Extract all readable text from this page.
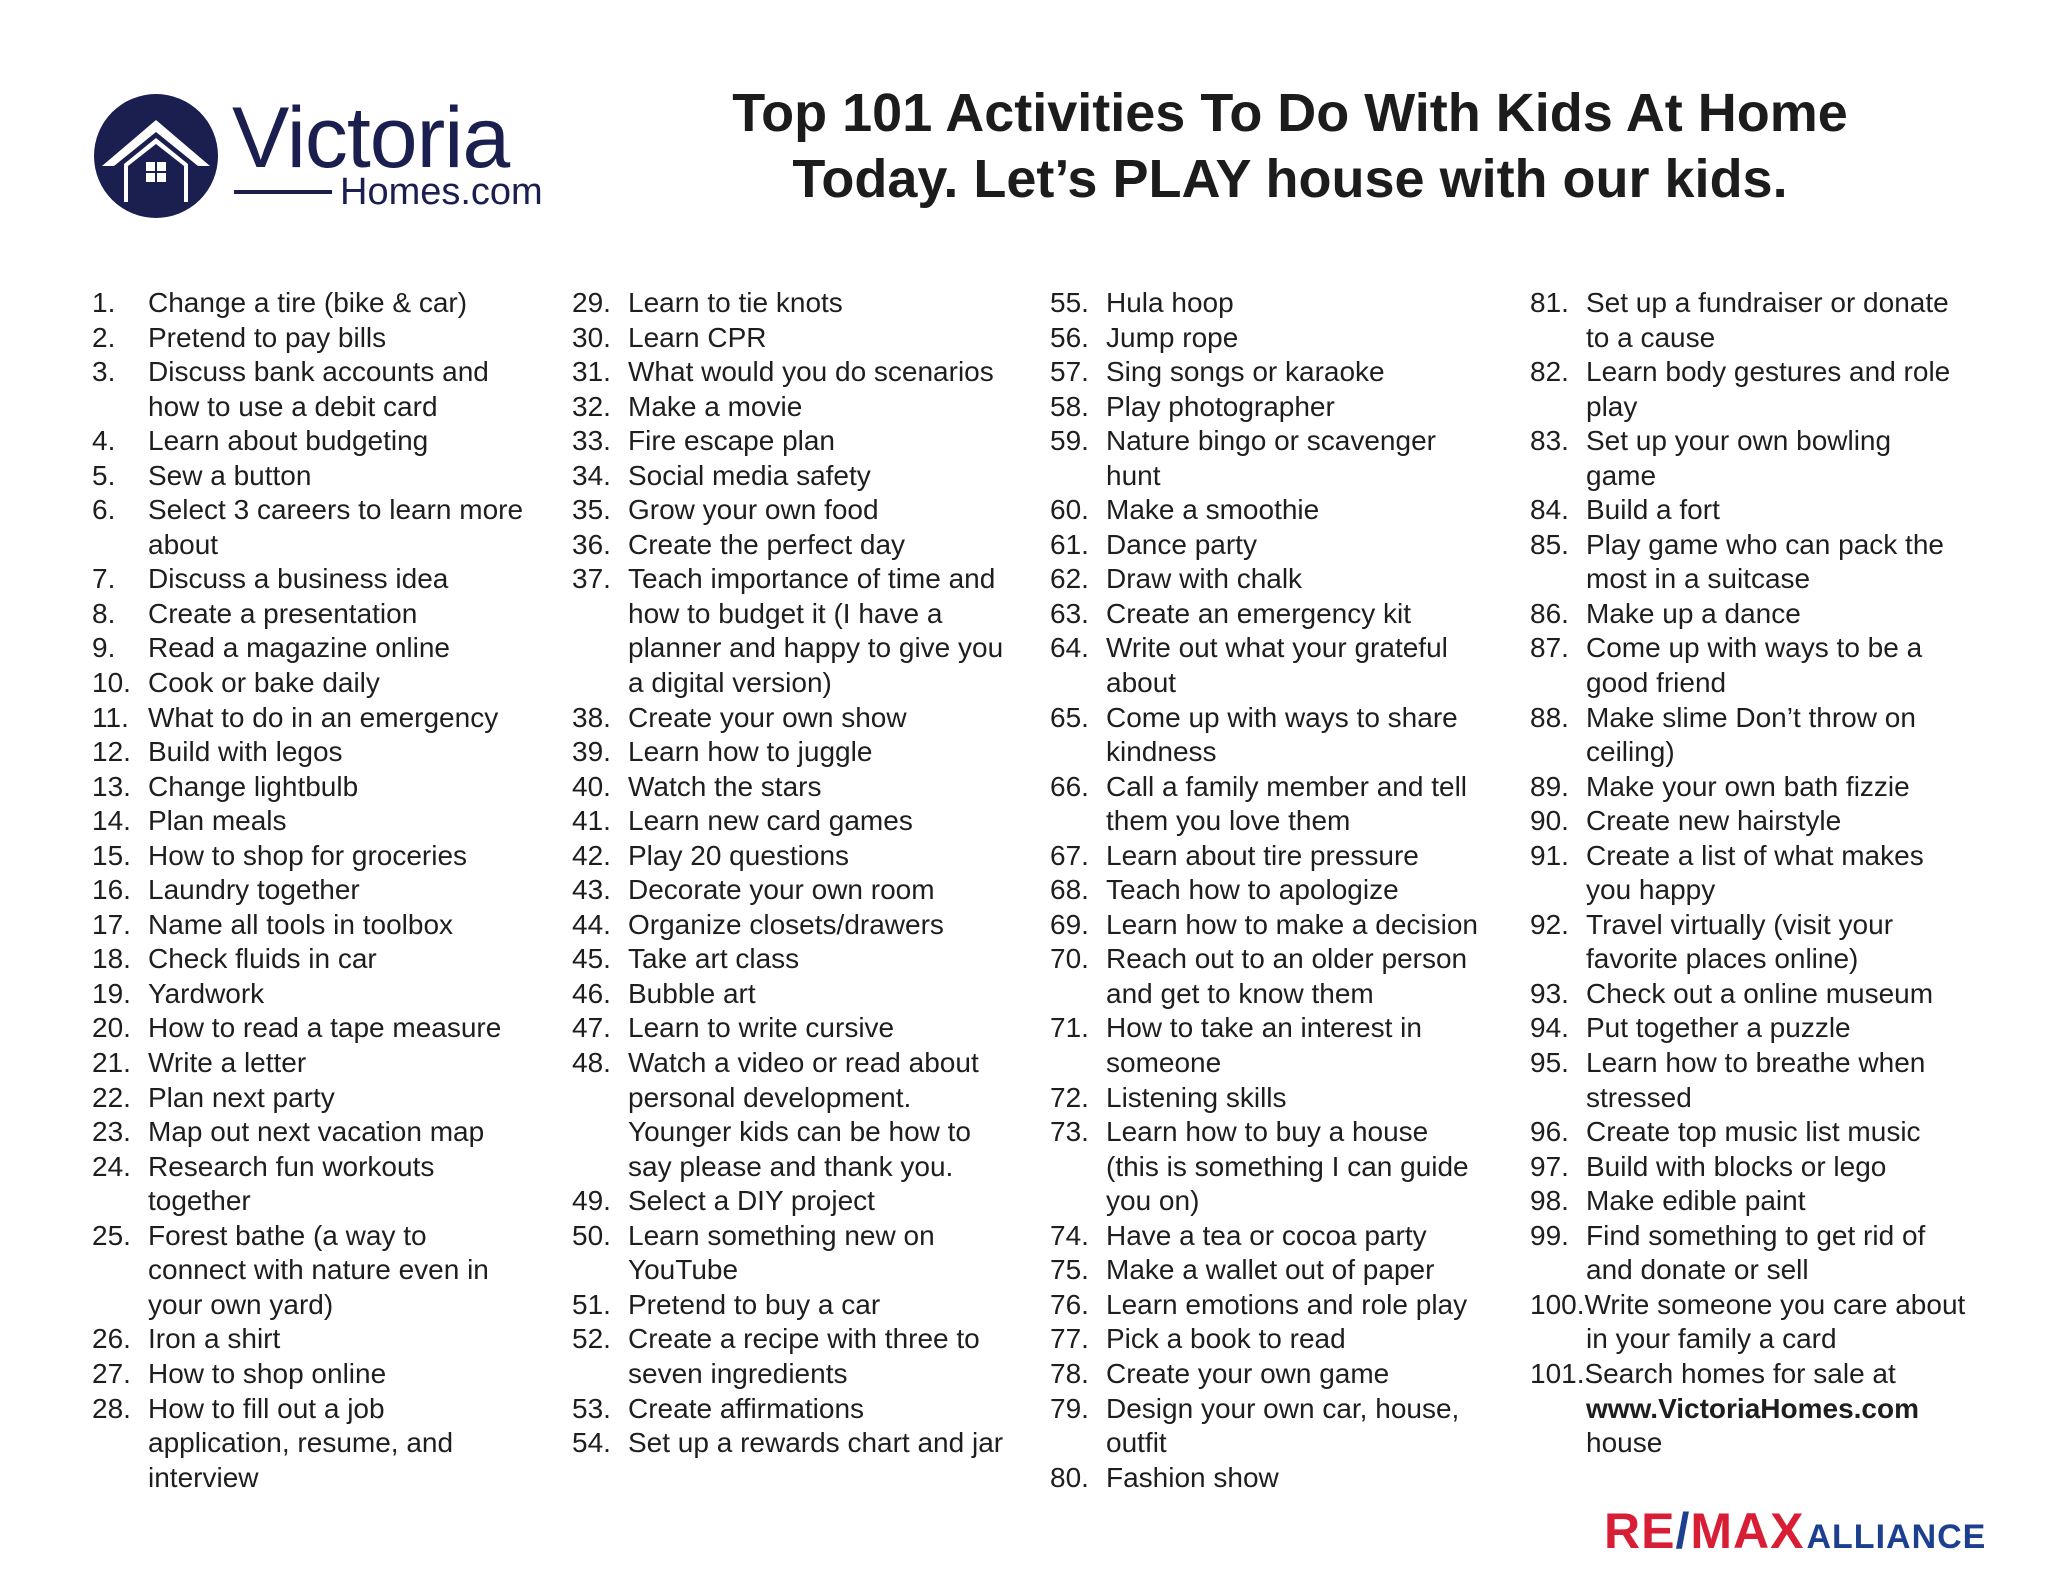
Victoria
Homes.com
Top 101 Activities To Do With Kids At Home
Today. Let’s PLAY house with our kids.
1.	Change a tire (bike & car)
2.	Pretend to pay bills
3.	Discuss bank accounts and
how to use a debit card
4.	Learn about budgeting
5.	Sew a button
6.	Select 3 careers to learn more
about
7.	Discuss a business idea
8.	Create a presentation
9.	Read a magazine online
10. Cook or bake daily
11. What to do in an emergency
12. Build with legos
13. Change lightbulb
14. Plan meals
15. How to shop for groceries
16. Laundry together
17. Name all tools in toolbox
18. Check fluids in car
19. Yardwork
20. How to read a tape measure
21. Write a letter
22. Plan next party
23. Map out next vacation map
24. Research fun workouts
together
25. Forest bathe (a way to
connect with nature even in
your own yard)
26. Iron a shirt
27. How to shop online
28. How to fill out a job
application, resume, and
interview
29. Learn to tie knots
30. Learn CPR
31. What would you do scenarios
32. Make a movie
33. Fire escape plan
34. Social media safety
35. Grow your own food
36. Create the perfect day
37. Teach importance of time and
how to budget it (I have a
planner and happy to give you
a digital version)
38. Create your own show
39. Learn how to juggle
40. Watch the stars
41. Learn new card games
42. Play 20 questions
43. Decorate your own room
44. Organize closets/drawers
45. Take art class
46. Bubble art
47. Learn to write cursive
48. Watch a video or read about
personal development.
Younger kids can be how to
say please and thank you.
49. Select a DIY project
50. Learn something new on
YouTube
51. Pretend to buy a car
52. Create a recipe with three to
seven ingredients
53. Create affirmations
54. Set up a rewards chart and jar
55. Hula hoop
56. Jump rope
57. Sing songs or karaoke
58. Play photographer
59. Nature bingo or scavenger
hunt
60. Make a smoothie
61. Dance party
62. Draw with chalk
63. Create an emergency kit
64. Write out what your grateful
about
65. Come up with ways to share
kindness
66. Call a family member and tell
them you love them
67. Learn about tire pressure
68. Teach how to apologize
69. Learn how to make a decision
70. Reach out to an older person
and get to know them
71. How to take an interest in
someone
72. Listening skills
73. Learn how to buy a house
(this is something I can guide
you on)
74. Have a tea or cocoa party
75. Make a wallet out of paper
76. Learn emotions and role play
77. Pick a book to read
78. Create your own game
79. Design your own car, house,
outfit
80. Fashion show
81. Set up a fundraiser or donate
to a cause
82. Learn body gestures and role
play
83. Set up your own bowling
game
84. Build a fort
85. Play game who can pack the
most in a suitcase
86. Make up a dance
87. Come up with ways to be a
good friend
88. Make slime Don’t throw on
ceiling)
89. Make your own bath fizzie
90. Create new hairstyle
91. Create a list of what makes
you happy
92. Travel virtually (visit your
favorite places online)
93. Check out a online museum
94. Put together a puzzle
95. Learn how to breathe when
stressed
96. Create top music list music
97. Build with blocks or lego
98. Make edible paint
99. Find something to get rid of
and donate or sell
100.Write someone you care about
in your family a card
101.Search homes for sale at
www.VictoriaHomes.com
house
RE/MAXALLIANCE
